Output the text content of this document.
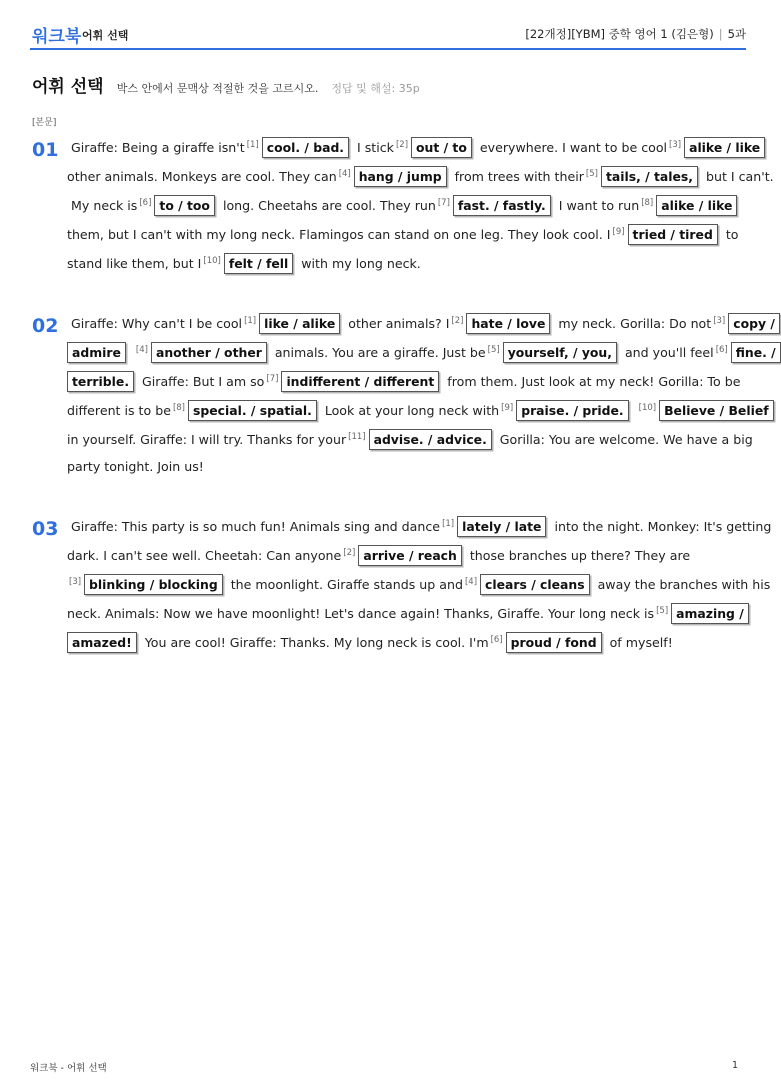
워크북 어휘 선택	[22개정][YBM] 중학 영어 1 (김은형) | 5과
어휘 선택 박스 안에서 문맥상 적절한 것을 고르시오. 정답 및 해설: 35p
[본문]
01 Giraffe: Being a giraffe isn't [1] cool. / bad. I stick [2] out / to everywhere. I want to be cool [3] alike / like
other animals. Monkeys are cool. They can [4] hang / jump from trees with their [5] tails, / tales, but I can't.
My neck is [6] to / too long. Cheetahs are cool. They run [7] fast. / fastly. I want to run [8] alike / like
them, but I can't with my long neck. Flamingos can stand on one leg. They look cool. I [9] tried / tired to
stand like them, but I [10] felt / fell with my long neck.
02 Giraffe: Why can't I be cool [1] like / alike other animals? I [2] hate / love my neck. Gorilla: Do not [3] copy /
admire [4] another / other animals. You are a giraffe. Just be [5] yourself, / you, and you'll feel [6] fine. /
terrible. Giraffe: But I am so [7] indifferent / different from them. Just look at my neck! Gorilla: To be
different is to be [8] special. / spatial. Look at your long neck with [9] praise. / pride. [10] Believe / Belief
in yourself. Giraffe: I will try. Thanks for your [11] advise. / advice. Gorilla: You are welcome. We have a big
party tonight. Join us!
03 Giraffe: This party is so much fun! Animals sing and dance [1] lately / late into the night. Monkey: It's getting
dark. I can't see well. Cheetah: Can anyone [2] arrive / reach those branches up there? They are
[3] blinking / blocking the moonlight. Giraffe stands up and [4] clears / cleans away the branches with his
neck. Animals: Now we have moonlight! Let's dance again! Thanks, Giraffe. Your long neck is [5] amazing /
amazed! You are cool! Giraffe: Thanks. My long neck is cool. I'm [6] proud / fond of myself!
워크북 - 어휘 선택	1
